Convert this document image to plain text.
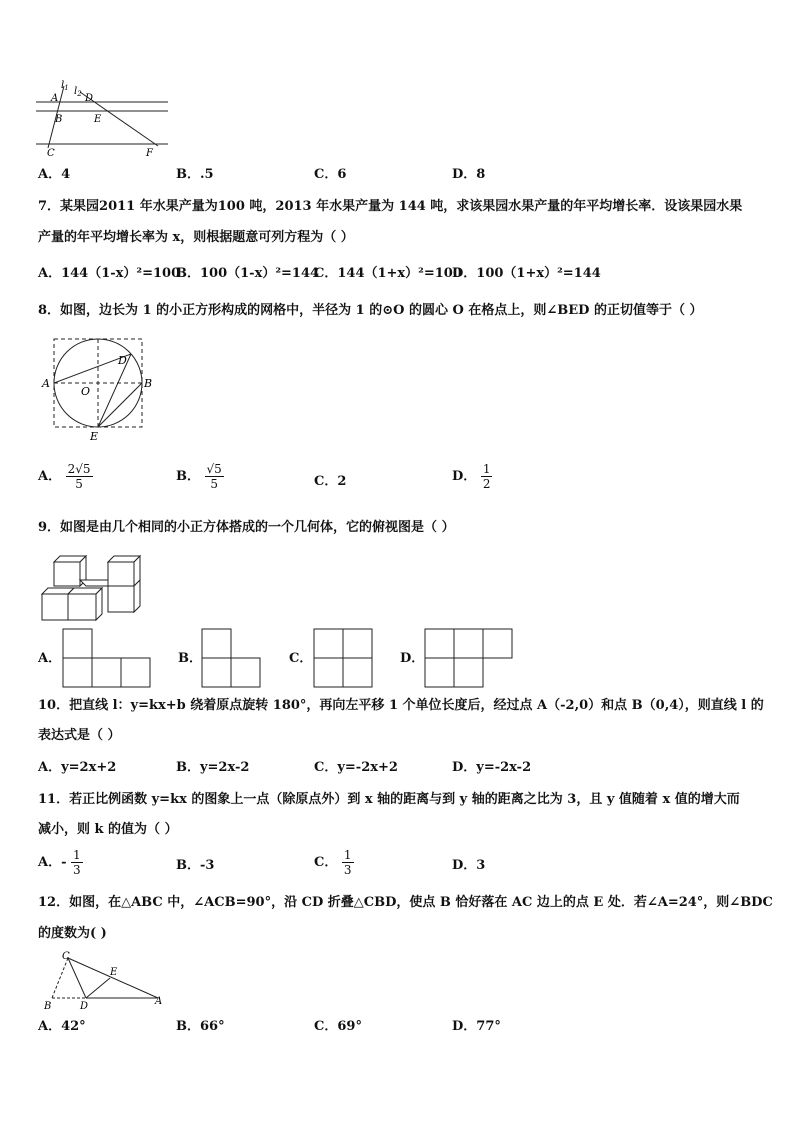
$l_1$ $l_2$
A	D
B	E
C	F
A．4	B．.5	C．6	D．8
7．某果园2011 年水果产量为100 吨，2013 年水果产量为 144 吨，求该果园水果产量的年平均增长率．设该果园水果
产量的年平均增长率为 x，则根据题意可列方程为（ ）
A．144（1-x）²=100
B．100（1-x）²=144
C．144（1+x）²=100
D．100（1+x）²=144
8．如图，边长为 1 的小正方形构成的网格中，半径为 1 的⊙O 的圆心 O 在格点上，则∠BED 的正切值等于（ ）
A	B
O
D
E
A． $\frac{2√5}{5}$	B． $\frac{√5}{5}$	C．2	D． $\frac{1}{2}$
9．如图是由几个相同的小正方体搭成的一个几何体，它的俯视图是（ ）
A．	B．	C．	D．
10．把直线 l：y=kx+b 绕着原点旋转 180°，再向左平移 1 个单位长度后，经过点 A（-2,0）和点 B（0,4），则直线 l 的
表达式是（ ）
A．y=2x+2	B．y=2x-2	C．y=-2x+2	D．y=-2x-2
11．若正比例函数 y=kx 的图象上一点（除原点外）到 x 轴的距离与到 y 轴的距离之比为 3，且 y 值随着 x 值的增大而
减小，则 k 的值为（ ）
A．- $\frac{1}{3}$	B．-3	C． $\frac{1}{3}$	D．3
12．如图，在△ABC 中，∠ACB=90°，沿 CD 折叠△CBD，使点 B 恰好落在 AC 边上的点 E 处．若∠A=24°，则∠BDC
的度数为( )
C
E
B	D	A
A．42°	B．66°	C．69°	D．77°
